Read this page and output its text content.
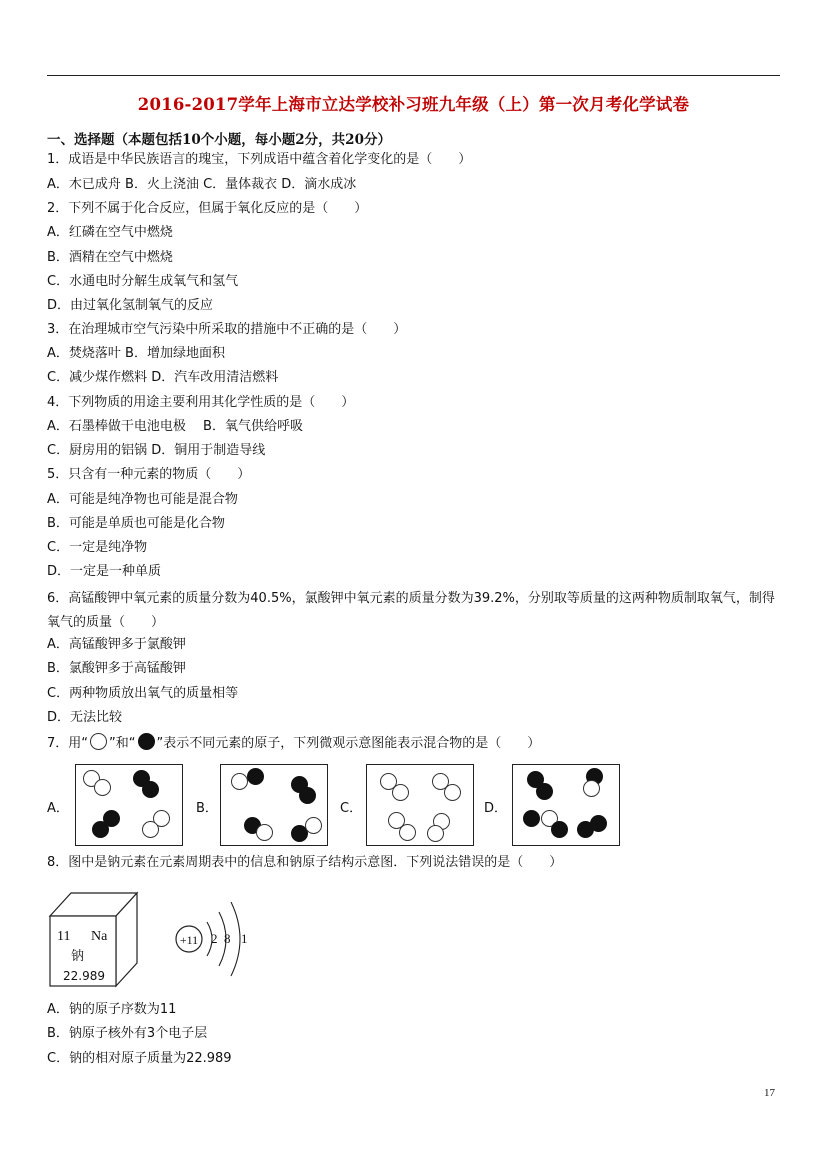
2016-2017学年上海市立达学校补习班九年级（上）第一次月考化学试卷
一、选择题（本题包括10个小题，每小题2分，共20分）
1．成语是中华民族语言的瑰宝，下列成语中蕴含着化学变化的是（　　）
A．木已成舟 B．火上浇油 C．量体裁衣 D．滴水成冰
2．下列不属于化合反应，但属于氧化反应的是（　　）
A．红磷在空气中燃烧
B．酒精在空气中燃烧
C．水通电时分解生成氧气和氢气
D．由过氧化氢制氧气的反应
3．在治理城市空气污染中所采取的措施中不正确的是（　　）
A．焚烧落叶 B．增加绿地面积
C．减少煤作燃料 D．汽车改用清洁燃料
4．下列物质的用途主要利用其化学性质的是（　　）
A．石墨棒做干电池电极　 B．氧气供给呼吸
C．厨房用的铝锅 D．铜用于制造导线
5．只含有一种元素的物质（　　）
A．可能是纯净物也可能是混合物
B．可能是单质也可能是化合物
C．一定是纯净物
D．一定是一种单质
6．高锰酸钾中氧元素的质量分数为40.5%，氯酸钾中氧元素的质量分数为39.2%，分别取等质量的这两种物质制取氧气，制得氧气的质量（　　）
A．高锰酸钾多于氯酸钾
B．氯酸钾多于高锰酸钾
C．两种物质放出氧气的质量相等
D．无法比较
7．用“ ”和“ ”表示不同元素的原子，下列微观示意图能表示混合物的是（　　）
A．	B．	C．	D．
8．图中是钠元素在元素周期表中的信息和钠原子结构示意图．下列说法错误的是（　　）
11 Na
钠
22.989
+11 2 8 1
A．钠的原子序数为11
B．钠原子核外有3个电子层
C．钠的相对原子质量为22.989
17
